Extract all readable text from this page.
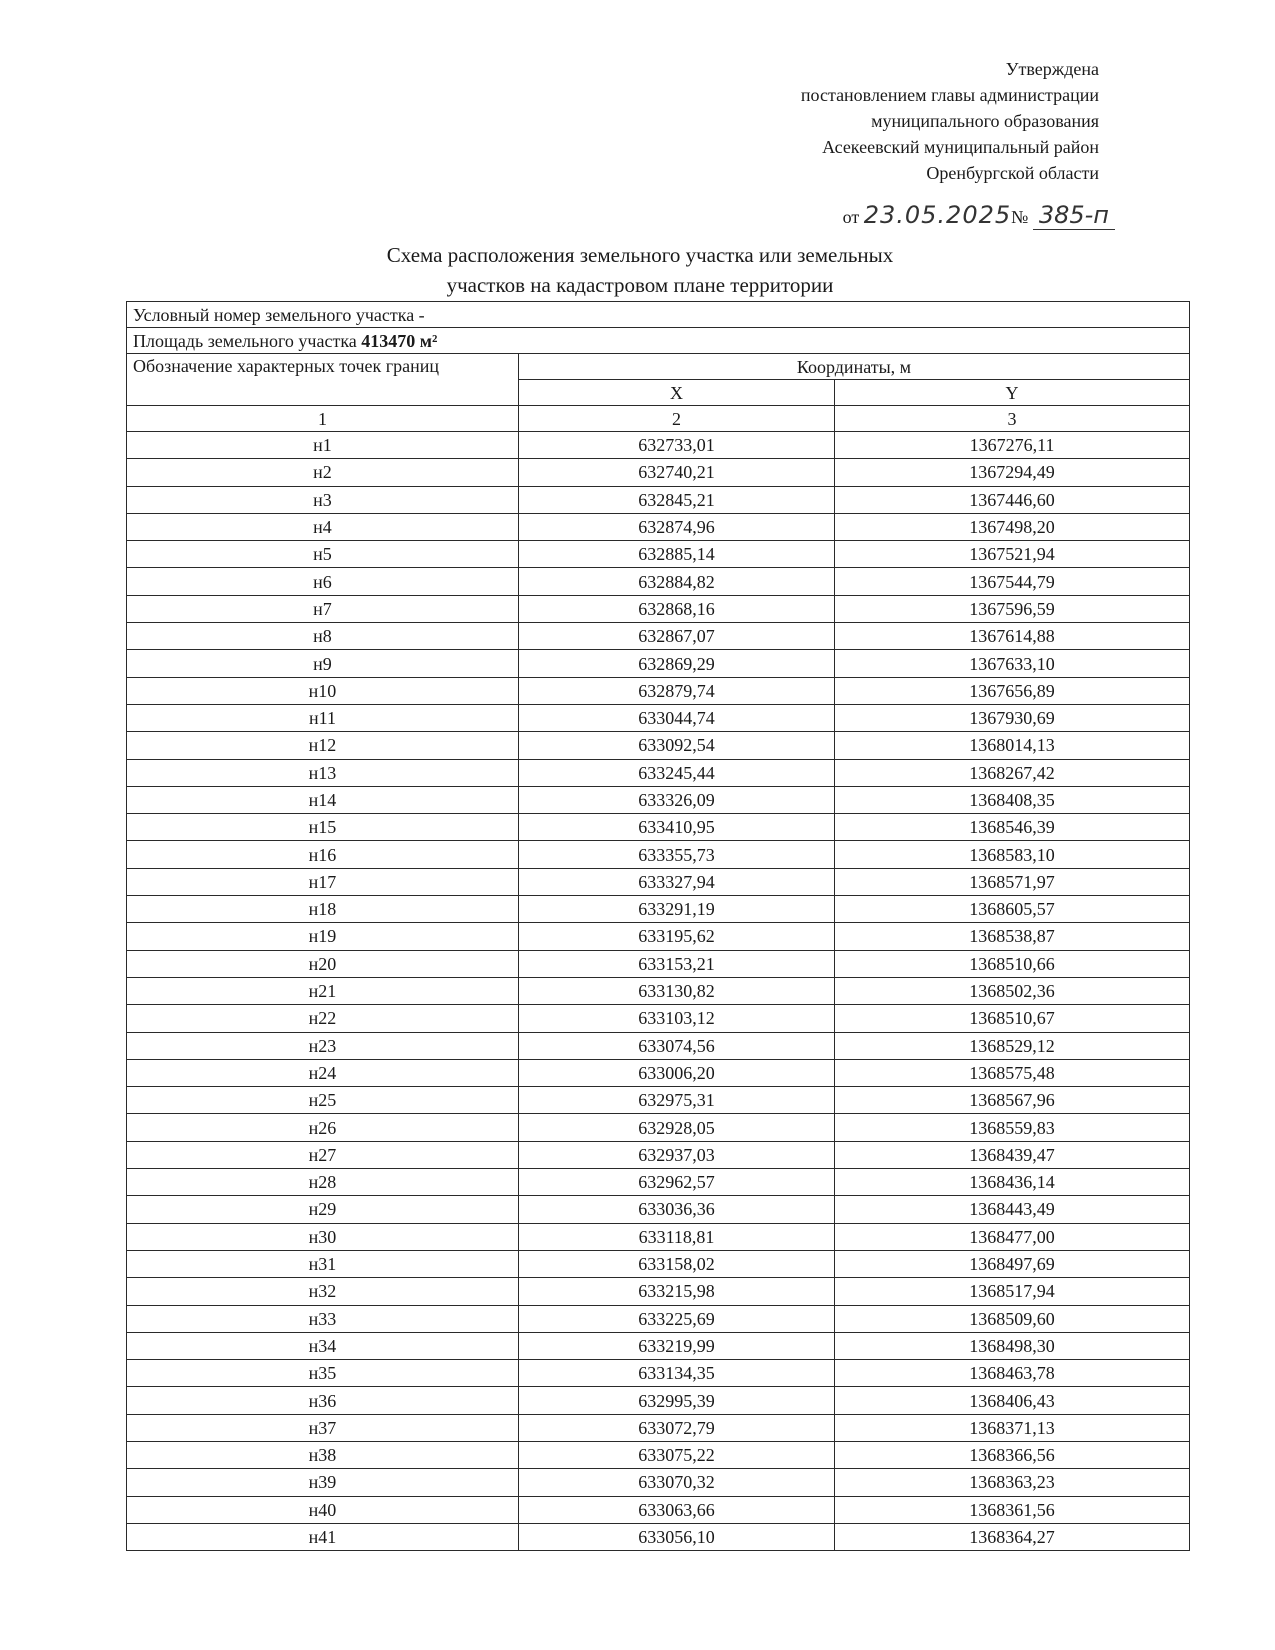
Утверждена
постановлением главы администрации
муниципального образования
Асекеевский муниципальный район
Оренбургской области
от 23.05.2025№ 385-п
Схема расположения земельного участка или земельных
участков на кадастровом плане территории
Условный номер земельного участка -		
Площадь земельного участка 413470 м²		
Обозначение характерных точек границ	Координаты, м	
	X	Y
1	2	3
н1	632733,01	1367276,11
н2	632740,21	1367294,49
н3	632845,21	1367446,60
н4	632874,96	1367498,20
н5	632885,14	1367521,94
н6	632884,82	1367544,79
н7	632868,16	1367596,59
н8	632867,07	1367614,88
н9	632869,29	1367633,10
н10	632879,74	1367656,89
н11	633044,74	1367930,69
н12	633092,54	1368014,13
н13	633245,44	1368267,42
н14	633326,09	1368408,35
н15	633410,95	1368546,39
н16	633355,73	1368583,10
н17	633327,94	1368571,97
н18	633291,19	1368605,57
н19	633195,62	1368538,87
н20	633153,21	1368510,66
н21	633130,82	1368502,36
н22	633103,12	1368510,67
н23	633074,56	1368529,12
н24	633006,20	1368575,48
н25	632975,31	1368567,96
н26	632928,05	1368559,83
н27	632937,03	1368439,47
н28	632962,57	1368436,14
н29	633036,36	1368443,49
н30	633118,81	1368477,00
н31	633158,02	1368497,69
н32	633215,98	1368517,94
н33	633225,69	1368509,60
н34	633219,99	1368498,30
н35	633134,35	1368463,78
н36	632995,39	1368406,43
н37	633072,79	1368371,13
н38	633075,22	1368366,56
н39	633070,32	1368363,23
н40	633063,66	1368361,56
н41	633056,10	1368364,27
